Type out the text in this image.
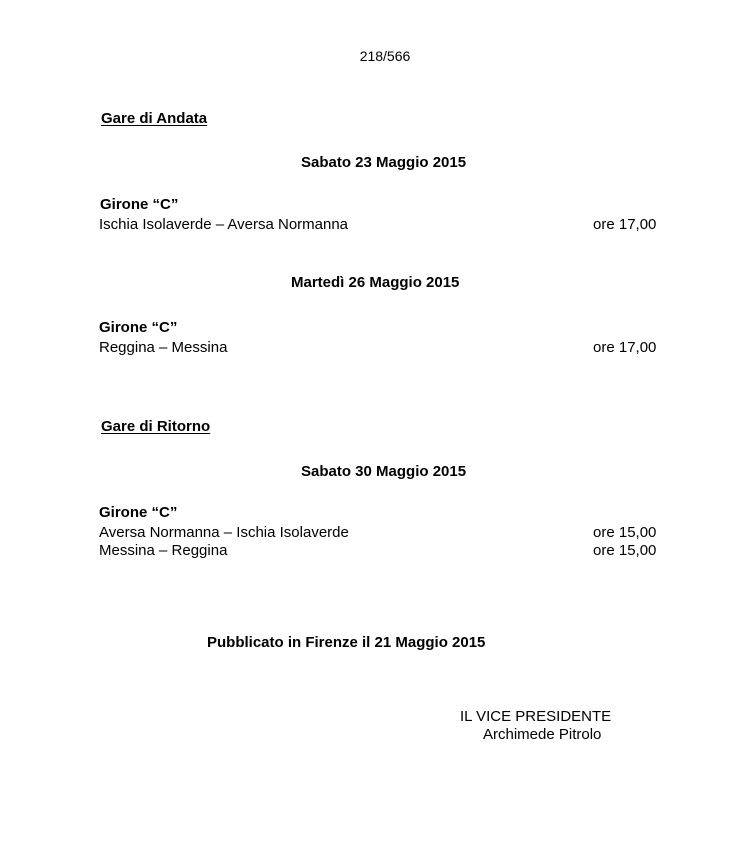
218/566
Gare di Andata
Sabato 23 Maggio 2015
Girone “C”
Ischia Isolaverde – Aversa Normanna	ore 17,00
Martedì 26 Maggio 2015
Girone “C”
Reggina – Messina	ore 17,00
Gare di Ritorno
Sabato 30 Maggio 2015
Girone “C”
Aversa Normanna – Ischia Isolaverde	ore 15,00
Messina – Reggina	ore 15,00
Pubblicato in Firenze il 21 Maggio 2015
IL VICE PRESIDENTE
Archimede Pitrolo
